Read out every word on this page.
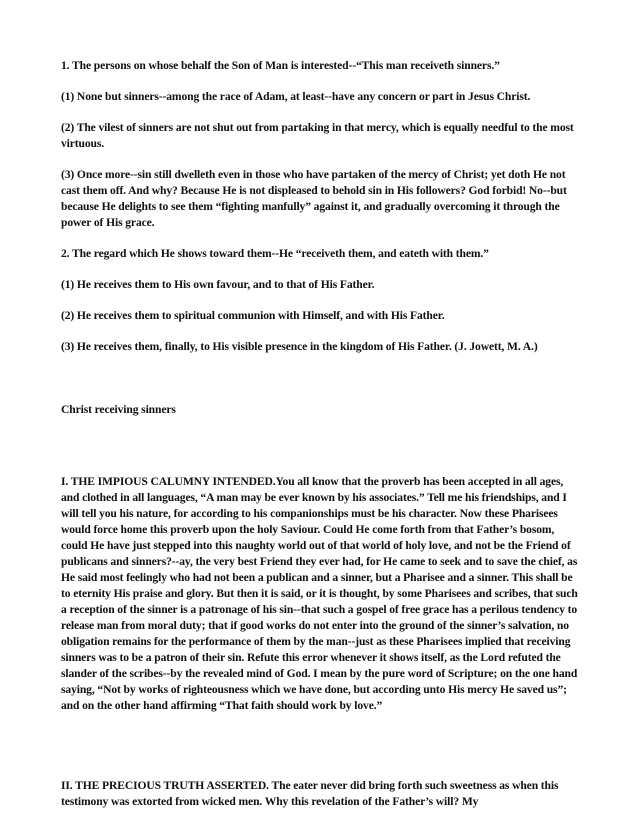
1. The persons on whose behalf the Son of Man is interested--“This man receiveth sinners.”

(1) None but sinners--among the race of Adam, at least--have any concern or part in Jesus Christ.

(2) The vilest of sinners are not shut out from partaking in that mercy, which is equally needful to the most virtuous.

(3) Once more--sin still dwelleth even in those who have partaken of the mercy of Christ; yet doth He not cast them off. And why? Because He is not displeased to behold sin in His followers? God forbid! No--but because He delights to see them “fighting manfully” against it, and gradually overcoming it through the power of His grace.

2. The regard which He shows toward them--He “receiveth them, and eateth with them.”

(1) He receives them to His own favour, and to that of His Father.

(2) He receives them to spiritual communion with Himself, and with His Father.

(3) He receives them, finally, to His visible presence in the kingdom of His Father. (J. Jowett, M. A.)

Christ receiving sinners

I. THE IMPIOUS CALUMNY INTENDED.You all know that the proverb has been accepted in all ages, and clothed in all languages, “A man may be ever known by his associates.” Tell me his friendships, and I will tell you his nature, for according to his companionships must be his character. Now these Pharisees would force home this proverb upon the holy Saviour. Could He come forth from that Father’s bosom, could He have just stepped into this naughty world out of that world of holy love, and not be the Friend of publicans and sinners?--ay, the very best Friend they ever had, for He came to seek and to save the chief, as He said most feelingly who had not been a publican and a sinner, but a Pharisee and a sinner. This shall be to eternity His praise and glory. But then it is said, or it is thought, by some Pharisees and scribes, that such a reception of the sinner is a patronage of his sin--that such a gospel of free grace has a perilous tendency to release man from moral duty; that if good works do not enter into the ground of the sinner’s salvation, no obligation remains for the performance of them by the man--just as these Pharisees implied that receiving sinners was to be a patron of their sin. Refute this error whenever it shows itself, as the Lord refuted the slander of the scribes--by the revealed mind of God. I mean by the pure word of Scripture; on the one hand saying, “Not by works of righteousness which we have done, but according unto His mercy He saved us”; and on the other hand affirming “That faith should work by love.”

II. THE PRECIOUS TRUTH ASSERTED. The eater never did bring forth such sweetness as when this testimony was extorted from wicked men. Why this revelation of the Father’s will? My
